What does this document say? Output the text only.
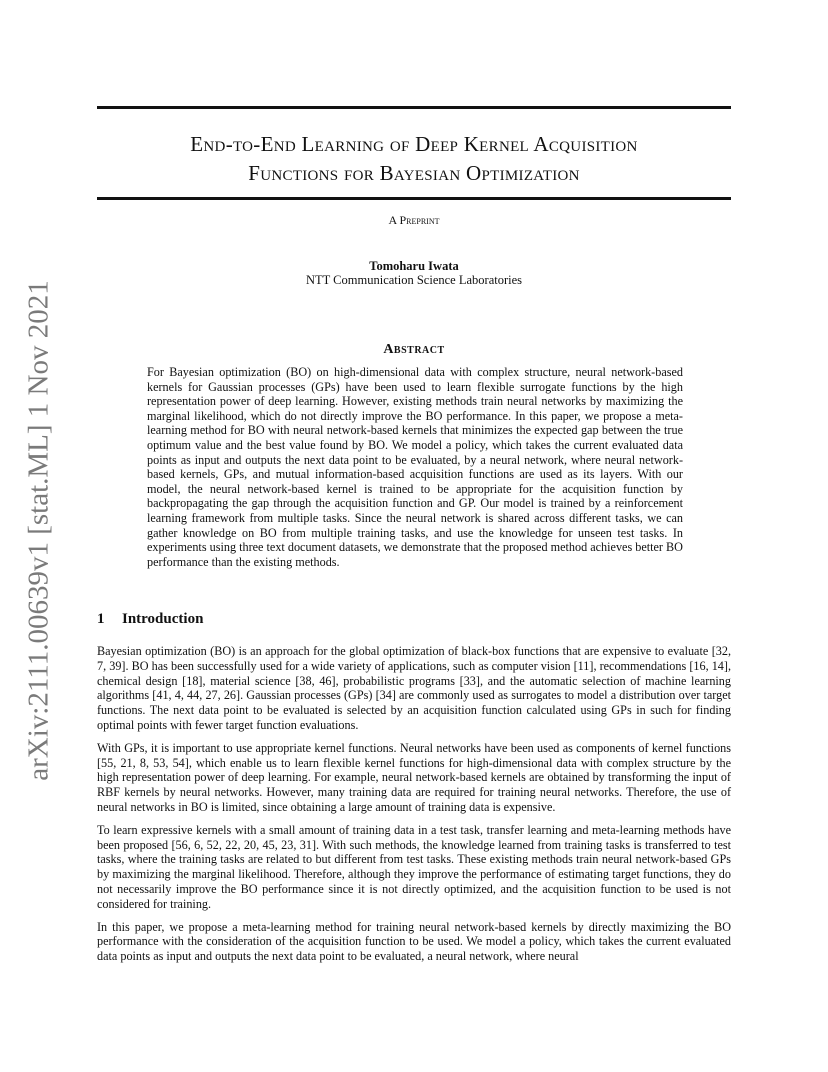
arXiv:2111.00639v1 [stat.ML] 1 Nov 2021
End-to-End Learning of Deep Kernel Acquisition
Functions for Bayesian Optimization
A Preprint
Tomoharu Iwata
NTT Communication Science Laboratories
Abstract

For Bayesian optimization (BO) on high-dimensional data with complex structure, neural network-based kernels for Gaussian processes (GPs) have been used to learn flexible surrogate functions by the high representation power of deep learning. However, existing methods train neural networks by maximizing the marginal likelihood, which do not directly improve the BO performance. In this paper, we propose a meta-learning method for BO with neural network-based kernels that minimizes the expected gap between the true optimum value and the best value found by BO. We model a policy, which takes the current evaluated data points as input and outputs the next data point to be evaluated, by a neural network, where neural network-based kernels, GPs, and mutual information-based acquisition functions are used as its layers. With our model, the neural network-based kernel is trained to be appropriate for the acquisition function by backpropagating the gap through the acquisition function and GP. Our model is trained by a reinforcement learning framework from multiple tasks. Since the neural network is shared across different tasks, we can gather knowledge on BO from multiple training tasks, and use the knowledge for unseen test tasks. In experiments using three text document datasets, we demonstrate that the proposed method achieves better BO performance than the existing methods.

1 Introduction

Bayesian optimization (BO) is an approach for the global optimization of black-box functions that are expensive to evaluate [32, 7, 39]. BO has been successfully used for a wide variety of applications, such as computer vision [11], recommendations [16, 14], chemical design [18], material science [38, 46], probabilistic programs [33], and the automatic selection of machine learning algorithms [41, 4, 44, 27, 26]. Gaussian processes (GPs) [34] are commonly used as surrogates to model a distribution over target functions. The next data point to be evaluated is selected by an acquisition function calculated using GPs in such for finding optimal points with fewer target function evaluations.

With GPs, it is important to use appropriate kernel functions. Neural networks have been used as components of kernel functions [55, 21, 8, 53, 54], which enable us to learn flexible kernel functions for high-dimensional data with complex structure by the high representation power of deep learning. For example, neural network-based kernels are obtained by transforming the input of RBF kernels by neural networks. However, many training data are required for training neural networks. Therefore, the use of neural networks in BO is limited, since obtaining a large amount of training data is expensive.

To learn expressive kernels with a small amount of training data in a test task, transfer learning and meta-learning methods have been proposed [56, 6, 52, 22, 20, 45, 23, 31]. With such methods, the knowledge learned from training tasks is transferred to test tasks, where the training tasks are related to but different from test tasks. These existing methods train neural network-based GPs by maximizing the marginal likelihood. Therefore, although they improve the performance of estimating target functions, they do not necessarily improve the BO performance since it is not directly optimized, and the acquisition function to be used is not considered for training.

In this paper, we propose a meta-learning method for training neural network-based kernels by directly maximizing the BO performance with the consideration of the acquisition function to be used. We model a policy, which takes the current evaluated data points as input and outputs the next data point to be evaluated, a neural network, where neural
